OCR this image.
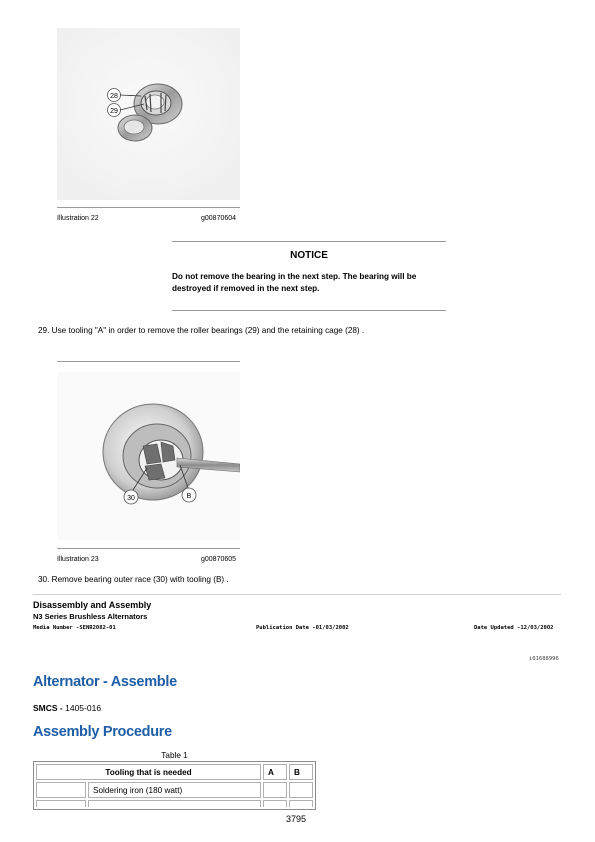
28
29
Illustration 22	g00870604
NOTICE
Do not remove the bearing in the next step. The bearing will be destroyed if removed in the next step.
29. Use tooling "A" in order to remove the roller bearings (29) and the retaining cage (28) .
30	B
Illustration 23	g00870605
30. Remove bearing outer race (30) with tooling (B) .
Disassembly and Assembly
N3 Series Brushless Alternators
Media Number -SENR2082-01	Publication Date -01/03/2002	Date Updated -12/03/2002
i01688996
Alternator - Assemble
SMCS - 1405-016
Assembly Procedure
Table 1
Tooling that is needed		A	B
	Soldering iron (180 watt)		

3795
